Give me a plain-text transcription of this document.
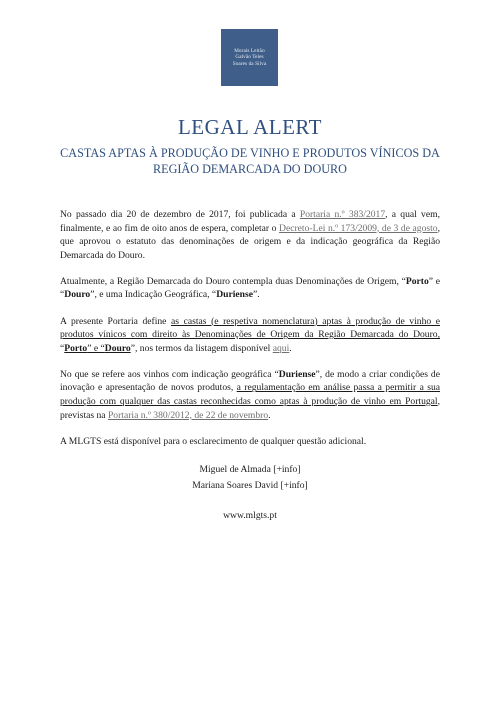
Morais Leitão
Galvão Teles
Soares da Silva
LEGAL ALERT
CASTAS APTAS À PRODUÇÃO DE VINHO E PRODUTOS VÍNICOS DA REGIÃO DEMARCADA DO DOURO

No passado dia 20 de dezembro de 2017, foi publicada a Portaria n.º 383/2017, a qual vem, finalmente, e ao fim de oito anos de espera, completar o Decreto-Lei n.º 173/2009, de 3 de agosto, que aprovou o estatuto das denominações de origem e da indicação geográfica da Região Demarcada do Douro.

Atualmente, a Região Demarcada do Douro contempla duas Denominações de Origem, “Porto” e “Douro”, e uma Indicação Geográfica, “Duriense”.

A presente Portaria define as castas (e respetiva nomenclatura) aptas à produção de vinho e produtos vínicos com direito às Denominações de Origem da Região Demarcada do Douro, “Porto” e “Douro”, nos termos da listagem disponível aqui.

No que se refere aos vinhos com indicação geográfica “Duriense”, de modo a criar condições de inovação e apresentação de novos produtos, a regulamentação em análise passa a permitir a sua produção com qualquer das castas reconhecidas como aptas à produção de vinho em Portugal, previstas na Portaria n.º 380/2012, de 22 de novembro.

A MLGTS está disponível para o esclarecimento de qualquer questão adicional.

Miguel de Almada [+info]
Mariana Soares David [+info]
www.mlgts.pt
